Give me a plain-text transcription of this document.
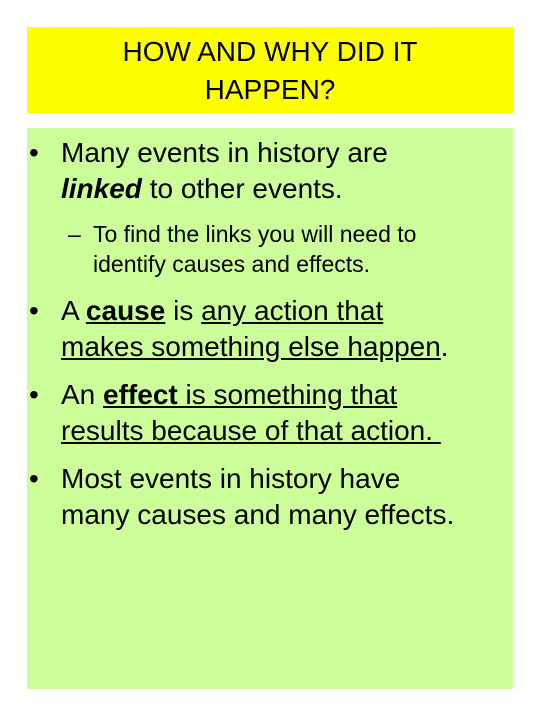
HOW AND WHY DID IT
HAPPEN?
• Many events in history are
linked to other events.
– To find the links you will need to
identify causes and effects.
• A cause is any action that
makes something else happen.
• An effect is something that
results because of that action.
• Most events in history have
many causes and many effects.
